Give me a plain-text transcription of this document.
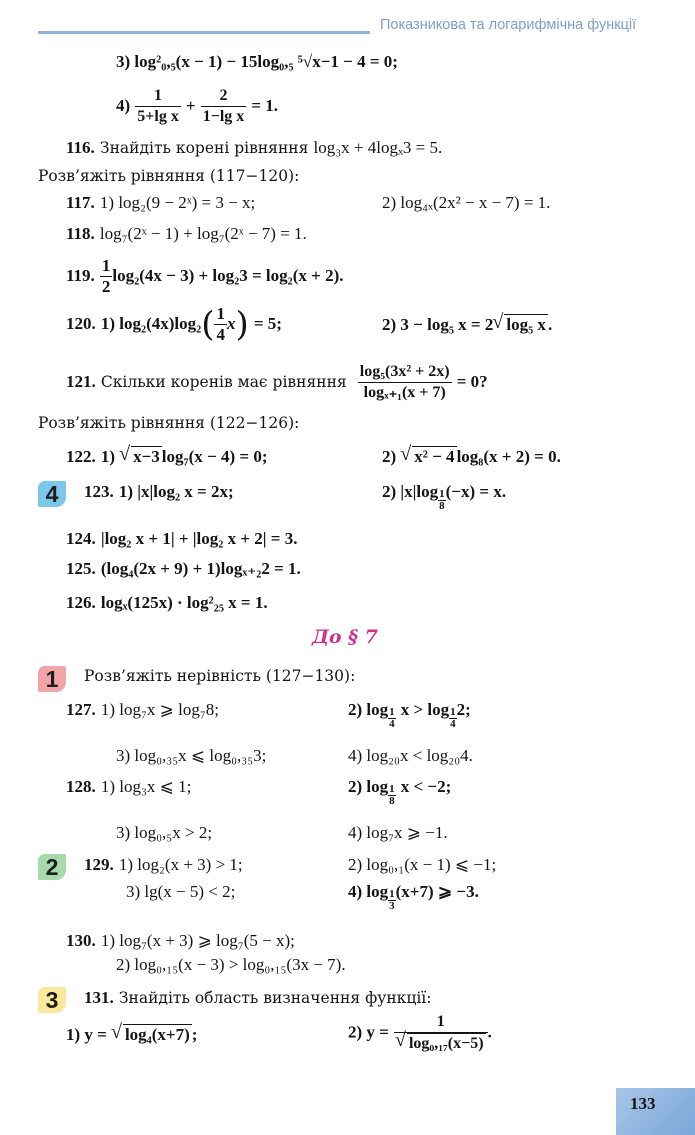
Показникова та логарифмічна функції
3) log²₀,₅(x − 1) − 15log₀,₅ ⁵√x−1 − 4 = 0;
$4) \frac{1}{\text{5+lg x}} + \frac{2}{\text{1−lg x}} = 1$.
116. Знайдіть корені рівняння log₃x + 4logₓ3 = 5.
Розв’яжіть рівняння (117−120):
117. 1) log₂(9 − 2ˣ) = 3 − x;	2) log₄ₓ(2x² − x − 7) = 1.
118. log₇(2ˣ − 1) + log₇(2ˣ − 7) = 1.
119. $\frac{1}{2} \log_2(4x - 3) + \log_23 = \log_2(x + 2)$.
120. 1) $\log_2(4x)\log_2( \frac{1}{4} x) = 5$;	2) 3 − log₅ x = 2 √ log₅ x .
121. Скільки коренів має рівняння $\frac{\text{log₅(3x² + 2x)}}{\text{logₓ₊₁(x + 7)}} = 0$?
Розв’яжіть рівняння (122−126):
122. 1) √ x−3 log₇(x − 4) = 0;	2) √ x² − 4 log₈(x + 2) = 0.
4	123. 1) |x|log₂ x = 2x;	2) $|x|\log \frac{1}{8} (-x) = x$.
124. |log₂ x + 1| + |log₂ x + 2| = 3.
125. (log₄(2x + 9) + 1)logₓ₊₂2 = 1.
126. logₓ(125x) · log²₂₅ x = 1.
До § 7
1	Розв’яжіть нерівність (127−130):
127. 1) log₇x ⩾ log₇8;	2) $\log \frac{1}{4}$ $x > \log \frac{1}{4} 2$;
3) log₀,₃₅x ⩽ log₀,₃₅3;	4) log₂₀x < log₂₀4.
128. 1) log₃x ⩽ 1;	2) $\log \frac{1}{8}$ x < −2;
3) log₀,₅x > 2;	4) log₇x ⩾ −1.
2	129. 1) log₂(x + 3) > 1;	2) log₀,₁(x − 1) ⩽ −1;
3) lg(x − 5) < 2;	4) $\log \frac{1}{3} (x+7)$ ⩾ −3.
130. 1) log₇(x + 3) ⩾ log₇(5 − x);
2) log₀,₁₅(x − 3) > log₀,₁₅(3x − 7).
3	131. Знайдіть область визначення функції:
1) y = √ log₄(x+7) ;	2) y = 1
√ log₀,₁₇(x−5) .
133
